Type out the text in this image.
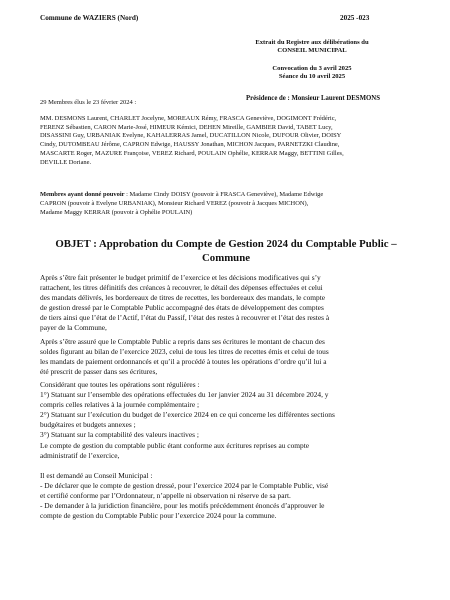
Commune de WAZIERS (Nord)	2025 -023
Extrait du Registre aux délibérations du
CONSEIL MUNICIPAL
Convocation du 3 avril 2025
Séance du 10 avril 2025
Présidence de : Monsieur Laurent DESMONS
29 Membres élus le 23 février 2024 :
MM. DESMONS Laurent, CHARLET Jocelyne, MOREAUX Rémy, FRASCA Geneviève, DOGIMONT Frédéric,
FERENZ Sébastien, CARON Marie-José, HIMEUR Kémici, DEHEN Mireille, GAMBIER David, TABET Lucy,
DISASSINI Guy, URBANIAK Evelyne, KAHALERRAS Jamel, DUCATILLON Nicole, DUFOUR Olivier, DOISY
Cindy, DUTOMBEAU Jérôme, CAPRON Edwige, HAUSSY Jonathan, MICHON Jacques, PARNETZKI Claudine,
MASCARTE Roger, MAZURE Françoise, VEREZ Richard, POULAIN Ophélie, KERRAR Maggy, BETTINI Gilles,
DEVILLE Doriane.
Membres ayant donné pouvoir : Madame Cindy DOISY (pouvoir à FRASCA Geneviève), Madame Edwige
CAPRON (pouvoir à Evelyne URBANIAK), Monsieur Richard VEREZ (pouvoir à Jacques MICHON),
Madame Maggy KERRAR (pouvoir à Ophélie POULAIN)
OBJET : Approbation du Compte de Gestion 2024 du Comptable Public –
Commune
Après s’être fait présenter le budget primitif de l’exercice et les décisions modificatives qui s’y
rattachent, les titres définitifs des créances à recouvrer, le détail des dépenses effectuées et celui
des mandats délivrés, les bordereaux de titres de recettes, les bordereaux des mandats, le compte
de gestion dressé par le Comptable Public accompagné des états de développement des comptes
de tiers ainsi que l’état de l’Actif, l’état du Passif, l’état des restes à recouvrer et l’état des restes à
payer de la Commune,
Après s’être assuré que le Comptable Public a repris dans ses écritures le montant de chacun des
soldes figurant au bilan de l’exercice 2023, celui de tous les titres de recettes émis et celui de tous
les mandats de paiement ordonnancés et qu’il a procédé à toutes les opérations d’ordre qu’il lui a
été prescrit de passer dans ses écritures,
Considérant que toutes les opérations sont régulières :
1°) Statuant sur l’ensemble des opérations effectuées du 1er janvier 2024 au 31 décembre 2024, y
compris celles relatives à la journée complémentaire ;
2°) Statuant sur l’exécution du budget de l’exercice 2024 en ce qui concerne les différentes sections
budgétaires et budgets annexes ;
3°) Statuant sur la comptabilité des valeurs inactives ;
Le compte de gestion du comptable public étant conforme aux écritures reprises au compte
administratif de l’exercice,

Il est demandé au Conseil Municipal :
- De déclarer que le compte de gestion dressé, pour l’exercice 2024 par le Comptable Public, visé
et certifié conforme par l’Ordonnateur, n’appelle ni observation ni réserve de sa part.
- De demander à la juridiction financière, pour les motifs précédemment énoncés d’approuver le
compte de gestion du Comptable Public pour l’exercice 2024 pour la commune.
